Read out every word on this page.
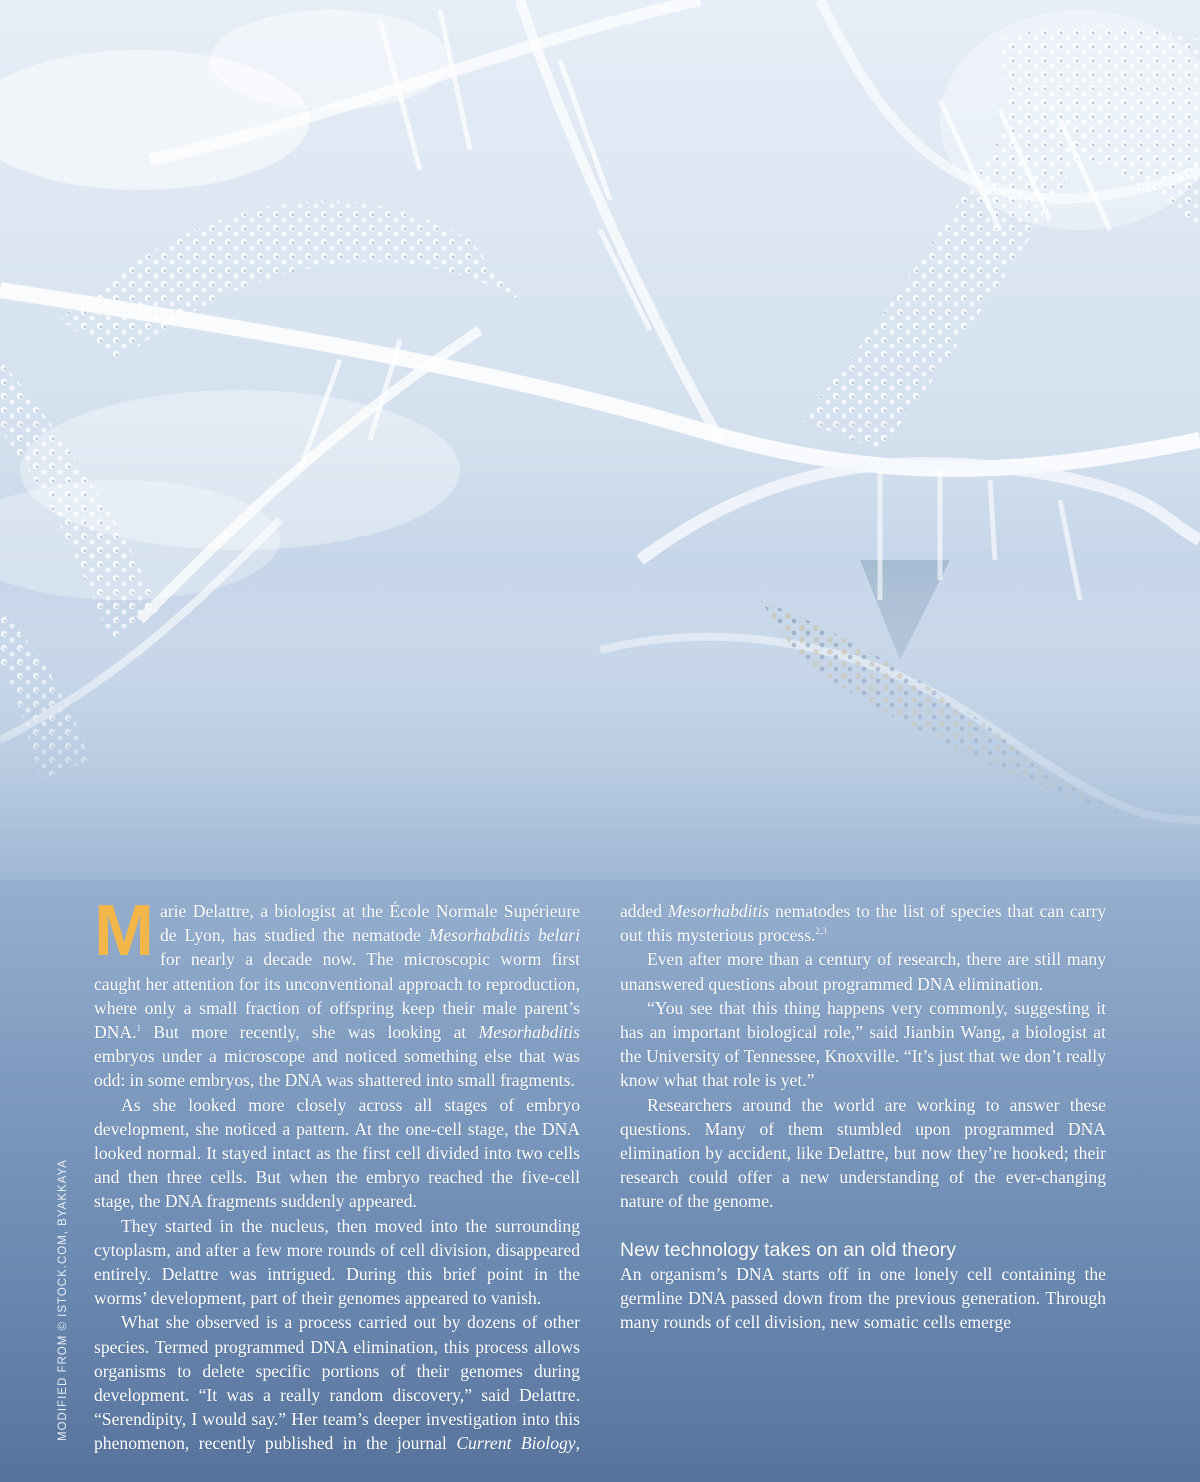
MODIFIED FROM © ISTOCK.COM, BYAKKAYA

Marie Delattre, a biologist at the École Normale Supérieure de Lyon, has studied the nematode Mesorhabditis belari for nearly a decade now. The microscopic worm first caught her attention for its unconventional approach to reproduction, where only a small fraction of offspring keep their male parent’s DNA.$^1$ But more recently, she was looking at Mesorhabditis embryos under a microscope and noticed something else that was odd: in some embryos, the DNA was shattered into small fragments.

As she looked more closely across all stages of embryo development, she noticed a pattern. At the one-cell stage, the DNA looked normal. It stayed intact as the first cell divided into two cells and then three cells. But when the embryo reached the five-cell stage, the DNA fragments suddenly appeared.

They started in the nucleus, then moved into the surrounding cytoplasm, and after a few more rounds of cell division, disappeared entirely. Delattre was intrigued. During this brief point in the worms’ development, part of their genomes appeared to vanish.

What she observed is a process carried out by dozens of other species. Termed programmed DNA elimination, this process allows organisms to delete specific portions of their genomes during development. “It was a really random discovery,” said Delattre. “Serendipity, I would say.” Her team’s deeper investigation into this phenomenon, recently published in the journal Current Biology, added Mesorhabditis nematodes to the list of species that can carry out this mysterious process.$^{2,3}$

Even after more than a century of research, there are still many unanswered questions about programmed DNA elimination.

“You see that this thing happens very commonly, suggesting it has an important biological role,” said Jianbin Wang, a biologist at the University of Tennessee, Knoxville. “It’s just that we don’t really know what that role is yet.”

Researchers around the world are working to answer these questions. Many of them stumbled upon programmed DNA elimination by accident, like Delattre, but now they’re hooked; their research could offer a new understanding of the ever-changing nature of the genome.

New technology takes on an old theory

An organism’s DNA starts off in one lonely cell containing the germline DNA passed down from the previous generation. Through many rounds of cell division, new somatic cells emerge
